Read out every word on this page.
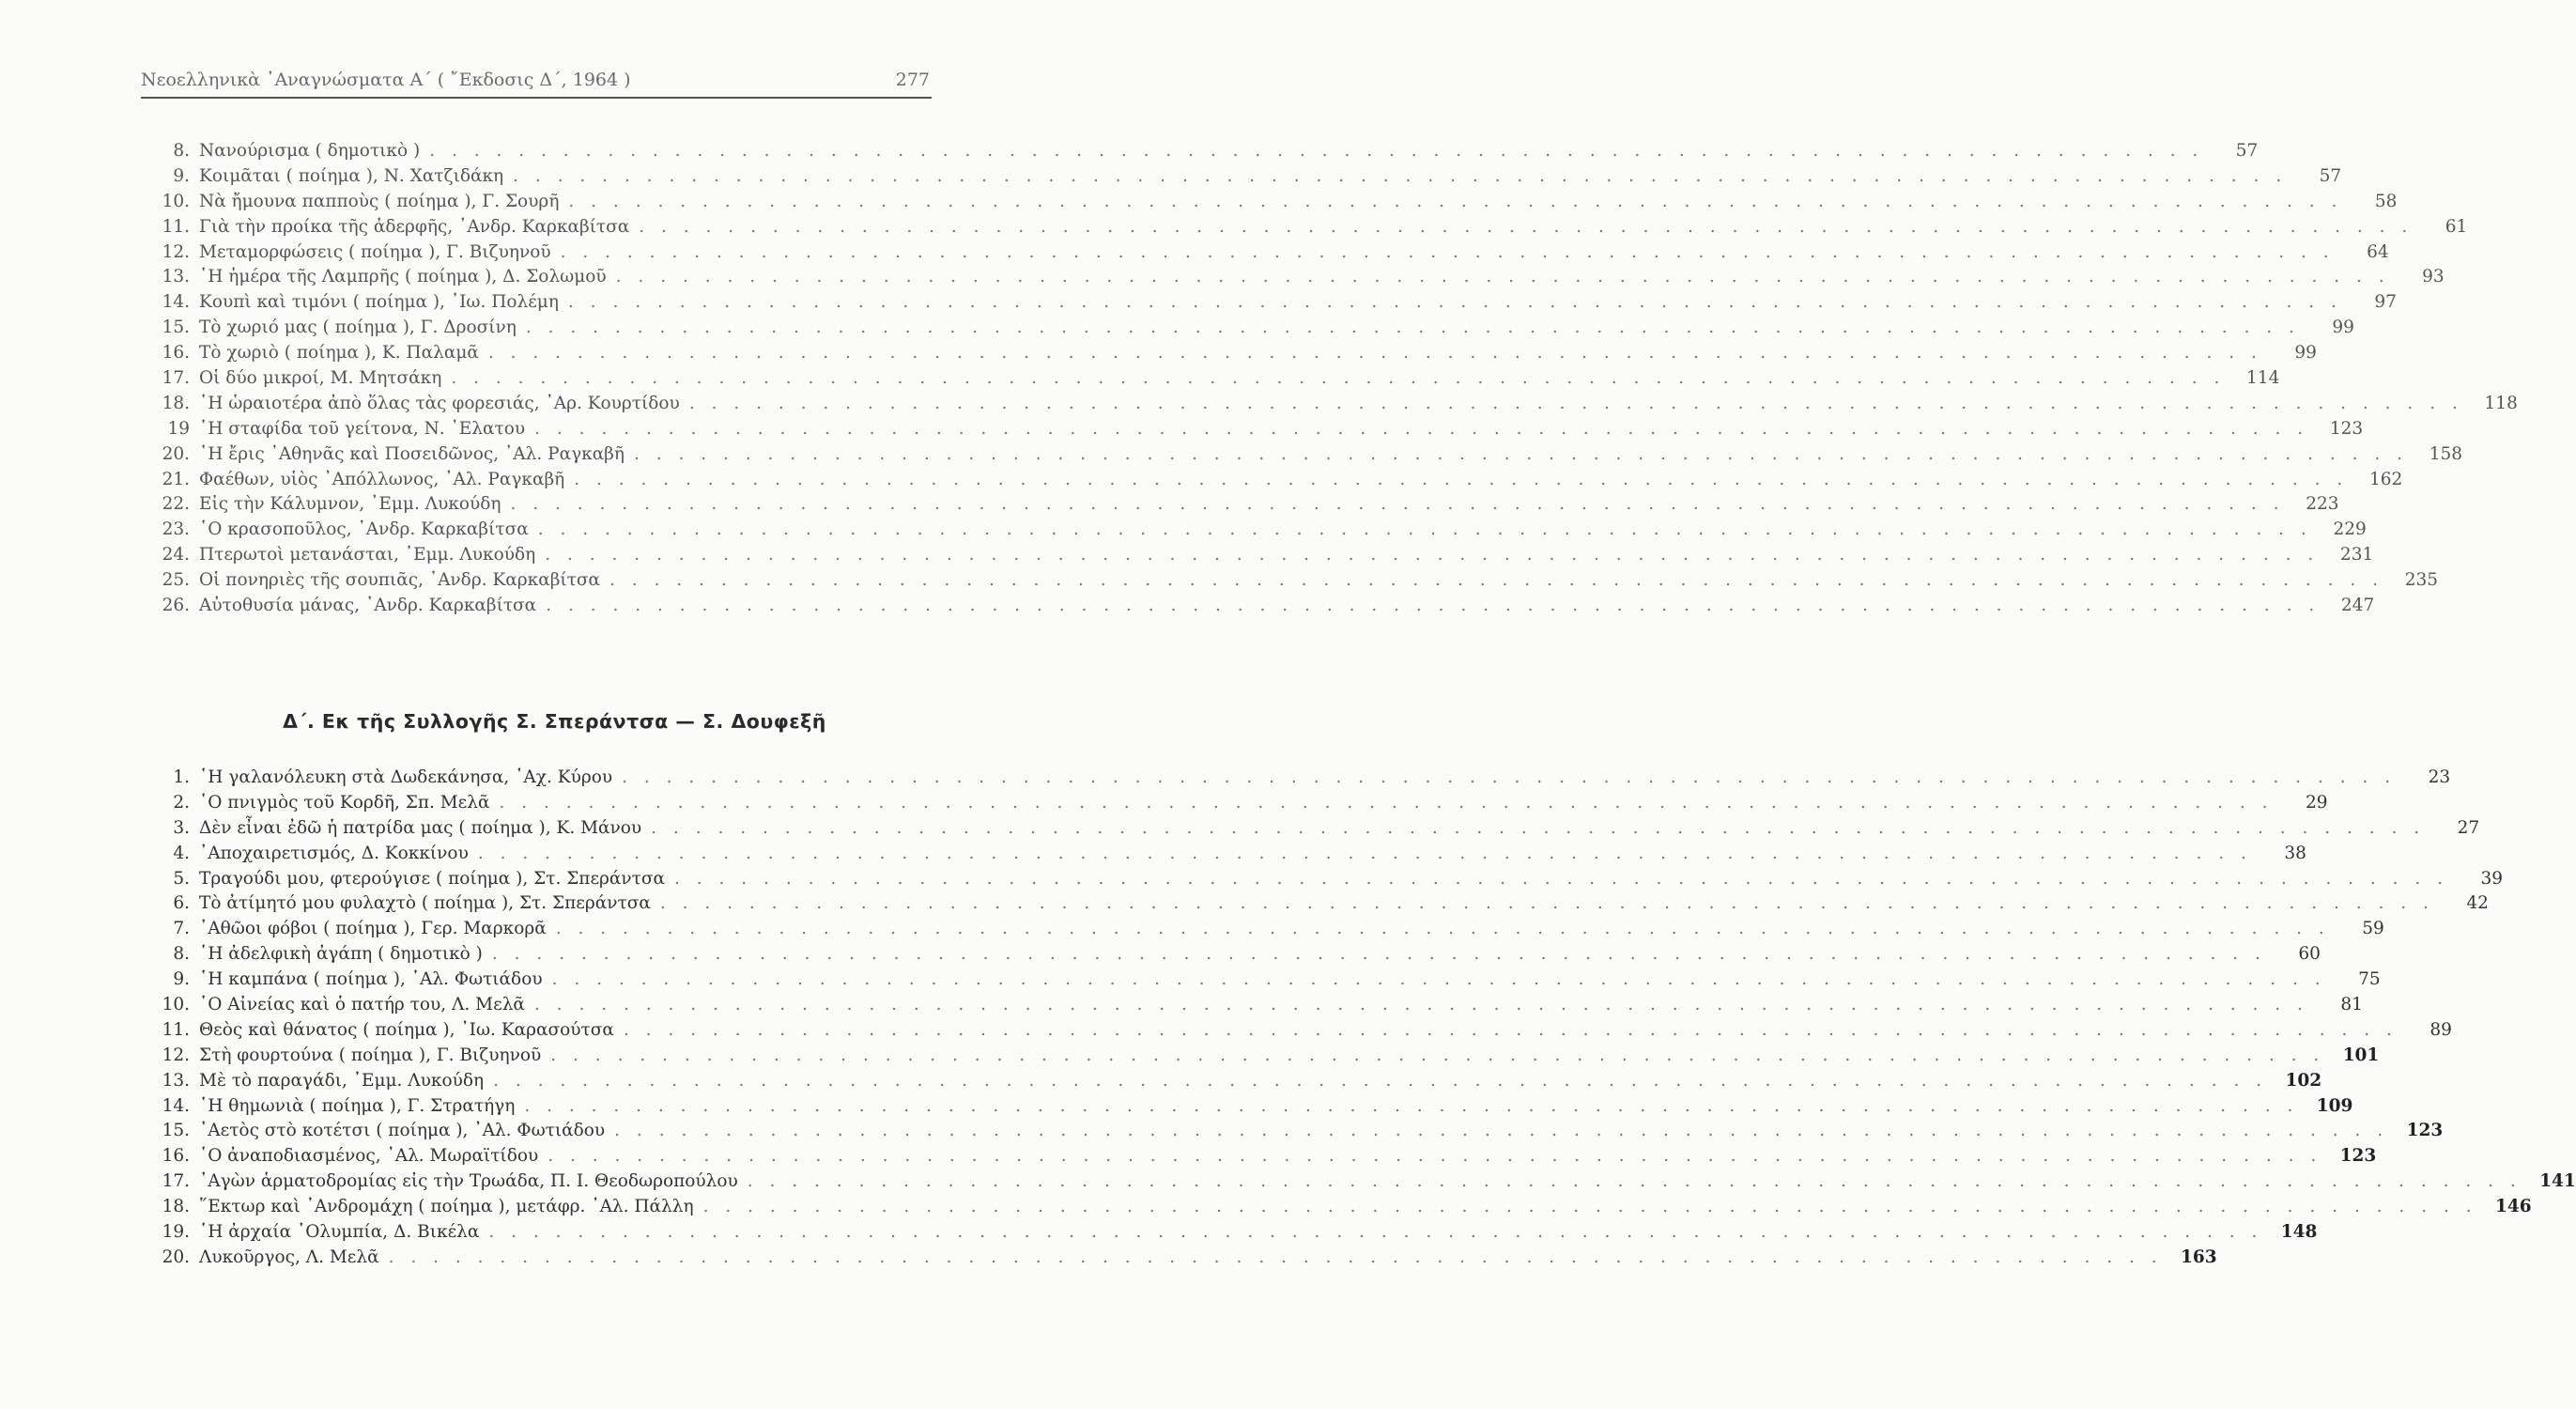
Νεοελληνικὰ ᾿Αναγνώσματα Α΄ ( ῎Εκδοσις Δ΄, 1964 )	277
8. Νανούρισμα ( δημοτικὸ ) . . . . . . . . . . . . . . . . . . . . . . . . . . . . . . . . . . . . . . . . . . . . . . . . . . . . . . . . . . . . . . . . . . . . . . . . . . . . . . . .	57
9. Κοιμᾶται ( ποίημα ), Ν. Χατζιδάκη . . . . . . . . . . . . . . . . . . . . . . . . . . . . . . . . . . . . . . . . . . . . . . . . . . . . . . . . . . . . . . . . . . . . . . . . . . . . . . . .	57
10. Νὰ ἤμουνα παπποὺς ( ποίημα ), Γ. Σουρῆ . . . . . . . . . . . . . . . . . . . . . . . . . . . . . . . . . . . . . . . . . . . . . . . . . . . . . . . . . . . . . . . . . . . . . . . . . . . . . . . .	58
11. Γιὰ τὴν προίκα τῆς ἀδερφῆς, ᾿Ανδρ. Καρκαβίτσα . . . . . . . . . . . . . . . . . . . . . . . . . . . . . . . . . . . . . . . . . . . . . . . . . . . . . . . . . . . . . . . . . . . . . . . . . . . . . . . .	61
12. Μεταμορφώσεις ( ποίημα ), Γ. Βιζυηνοῦ . . . . . . . . . . . . . . . . . . . . . . . . . . . . . . . . . . . . . . . . . . . . . . . . . . . . . . . . . . . . . . . . . . . . . . . . . . . . . . . .	64
13. ῾Η ἡμέρα τῆς Λαμπρῆς ( ποίημα ), Δ. Σολωμοῦ . . . . . . . . . . . . . . . . . . . . . . . . . . . . . . . . . . . . . . . . . . . . . . . . . . . . . . . . . . . . . . . . . . . . . . . . . . . . . . . .	93
14. Κουπὶ καὶ τιμόνι ( ποίημα ), ᾿Ιω. Πολέμη . . . . . . . . . . . . . . . . . . . . . . . . . . . . . . . . . . . . . . . . . . . . . . . . . . . . . . . . . . . . . . . . . . . . . . . . . . . . . . . .	97
15. Τὸ χωριό μας ( ποίημα ), Γ. Δροσίνη . . . . . . . . . . . . . . . . . . . . . . . . . . . . . . . . . . . . . . . . . . . . . . . . . . . . . . . . . . . . . . . . . . . . . . . . . . . . . . . .	99
16. Τὸ χωριὸ ( ποίημα ), Κ. Παλαμᾶ . . . . . . . . . . . . . . . . . . . . . . . . . . . . . . . . . . . . . . . . . . . . . . . . . . . . . . . . . . . . . . . . . . . . . . . . . . . . . . . .	99
17. Οἱ δύο μικροί, Μ. Μητσάκη . . . . . . . . . . . . . . . . . . . . . . . . . . . . . . . . . . . . . . . . . . . . . . . . . . . . . . . . . . . . . . . . . . . . . . . . . . . . . . . .	114
18. ῾Η ὡραιοτέρα ἀπὸ ὅλας τὰς φορεσιάς, ᾿Αρ. Κουρτίδου . . . . . . . . . . . . . . . . . . . . . . . . . . . . . . . . . . . . . . . . . . . . . . . . . . . . . . . . . . . . . . . . . . . . . . . . . . . . . . . .	118
19 ῾Η σταφίδα τοῦ γείτονα, Ν. ᾿Ελατου . . . . . . . . . . . . . . . . . . . . . . . . . . . . . . . . . . . . . . . . . . . . . . . . . . . . . . . . . . . . . . . . . . . . . . . . . . . . . . . .	123
20. ῾Η ἔρις ᾿Αθηνᾶς καὶ Ποσειδῶνος, ᾿Αλ. Ραγκαβῆ . . . . . . . . . . . . . . . . . . . . . . . . . . . . . . . . . . . . . . . . . . . . . . . . . . . . . . . . . . . . . . . . . . . . . . . . . . . . . . . .	158
21. Φαέθων, υἱὸς ᾿Απόλλωνος, ᾿Αλ. Ραγκαβῆ . . . . . . . . . . . . . . . . . . . . . . . . . . . . . . . . . . . . . . . . . . . . . . . . . . . . . . . . . . . . . . . . . . . . . . . . . . . . . . . .	162
22. Εἰς τὴν Κάλυμνον, ᾿Εμμ. Λυκούδη . . . . . . . . . . . . . . . . . . . . . . . . . . . . . . . . . . . . . . . . . . . . . . . . . . . . . . . . . . . . . . . . . . . . . . . . . . . . . . . .	223
23. ῾Ο κρασοποῦλος, ᾿Ανδρ. Καρκαβίτσα . . . . . . . . . . . . . . . . . . . . . . . . . . . . . . . . . . . . . . . . . . . . . . . . . . . . . . . . . . . . . . . . . . . . . . . . . . . . . . . .	229
24. Πτερωτοὶ μετανάσται, ᾿Εμμ. Λυκούδη . . . . . . . . . . . . . . . . . . . . . . . . . . . . . . . . . . . . . . . . . . . . . . . . . . . . . . . . . . . . . . . . . . . . . . . . . . . . . . . .	231
25. Οἱ πονηριὲς τῆς σουπιᾶς, ᾿Ανδρ. Καρκαβίτσα . . . . . . . . . . . . . . . . . . . . . . . . . . . . . . . . . . . . . . . . . . . . . . . . . . . . . . . . . . . . . . . . . . . . . . . . . . . . . . . .	235
26. Αὐτοθυσία μάνας, ᾿Ανδρ. Καρκαβίτσα . . . . . . . . . . . . . . . . . . . . . . . . . . . . . . . . . . . . . . . . . . . . . . . . . . . . . . . . . . . . . . . . . . . . . . . . . . . . . . . .	247
Δ΄. Εκ τῆς Συλλογῆς Σ. Σπεράντσα — Σ. Δουφεξῆ
1. ῾Η γαλανόλευκη στὰ Δωδεκάνησα, ᾿Αχ. Κύρου . . . . . . . . . . . . . . . . . . . . . . . . . . . . . . . . . . . . . . . . . . . . . . . . . . . . . . . . . . . . . . . . . . . . . . . . . . . . . . . .	23
2. ῾Ο πνιγμὸς τοῦ Κορδῆ, Σπ. Μελᾶ . . . . . . . . . . . . . . . . . . . . . . . . . . . . . . . . . . . . . . . . . . . . . . . . . . . . . . . . . . . . . . . . . . . . . . . . . . . . . . . .	29
3. Δὲν εἶναι ἐδῶ ἡ πατρίδα μας ( ποίημα ), Κ. Μάνου . . . . . . . . . . . . . . . . . . . . . . . . . . . . . . . . . . . . . . . . . . . . . . . . . . . . . . . . . . . . . . . . . . . . . . . . . . . . . . . .	27
4. ᾿Αποχαιρετισμός, Δ. Κοκκίνου . . . . . . . . . . . . . . . . . . . . . . . . . . . . . . . . . . . . . . . . . . . . . . . . . . . . . . . . . . . . . . . . . . . . . . . . . . . . . . . .	38
5. Τραγούδι μου, φτερούγισε ( ποίημα ), Στ. Σπεράντσα . . . . . . . . . . . . . . . . . . . . . . . . . . . . . . . . . . . . . . . . . . . . . . . . . . . . . . . . . . . . . . . . . . . . . . . . . . . . . . . .	39
6. Τὸ ἀτίμητό μου φυλαχτὸ ( ποίημα ), Στ. Σπεράντσα . . . . . . . . . . . . . . . . . . . . . . . . . . . . . . . . . . . . . . . . . . . . . . . . . . . . . . . . . . . . . . . . . . . . . . . . . . . . . . . .	42
7. ᾿Αθῶοι φόβοι ( ποίημα ), Γερ. Μαρκορᾶ . . . . . . . . . . . . . . . . . . . . . . . . . . . . . . . . . . . . . . . . . . . . . . . . . . . . . . . . . . . . . . . . . . . . . . . . . . . . . . . .	59
8. ῾Η ἀδελφικὴ ἀγάπη ( δημοτικὸ ) . . . . . . . . . . . . . . . . . . . . . . . . . . . . . . . . . . . . . . . . . . . . . . . . . . . . . . . . . . . . . . . . . . . . . . . . . . . . . . . .	60
9. ῾Η καμπάνα ( ποίημα ), ᾿Αλ. Φωτιάδου . . . . . . . . . . . . . . . . . . . . . . . . . . . . . . . . . . . . . . . . . . . . . . . . . . . . . . . . . . . . . . . . . . . . . . . . . . . . . . . .	75
10. ῾Ο Αἰνείας καὶ ὁ πατήρ του, Λ. Μελᾶ . . . . . . . . . . . . . . . . . . . . . . . . . . . . . . . . . . . . . . . . . . . . . . . . . . . . . . . . . . . . . . . . . . . . . . . . . . . . . . . .	81
11. Θεὸς καὶ θάνατος ( ποίημα ), ᾿Ιω. Καρασούτσα . . . . . . . . . . . . . . . . . . . . . . . . . . . . . . . . . . . . . . . . . . . . . . . . . . . . . . . . . . . . . . . . . . . . . . . . . . . . . . . .	89
12. Στὴ φουρτούνα ( ποίημα ), Γ. Βιζυηνοῦ . . . . . . . . . . . . . . . . . . . . . . . . . . . . . . . . . . . . . . . . . . . . . . . . . . . . . . . . . . . . . . . . . . . . . . . . . . . . . . . .	101
13. Μὲ τὸ παραγάδι, ᾿Εμμ. Λυκούδη . . . . . . . . . . . . . . . . . . . . . . . . . . . . . . . . . . . . . . . . . . . . . . . . . . . . . . . . . . . . . . . . . . . . . . . . . . . . . . . .	102
14. ῾Η θημωνιὰ ( ποίημα ), Γ. Στρατήγη . . . . . . . . . . . . . . . . . . . . . . . . . . . . . . . . . . . . . . . . . . . . . . . . . . . . . . . . . . . . . . . . . . . . . . . . . . . . . . . .	109
15. ᾿Αετὸς στὸ κοτέτσι ( ποίημα ), ᾿Αλ. Φωτιάδου . . . . . . . . . . . . . . . . . . . . . . . . . . . . . . . . . . . . . . . . . . . . . . . . . . . . . . . . . . . . . . . . . . . . . . . . . . . . . . . .	123
16. ῾Ο ἀναποδιασμένος, ᾿Αλ. Μωραϊτίδου . . . . . . . . . . . . . . . . . . . . . . . . . . . . . . . . . . . . . . . . . . . . . . . . . . . . . . . . . . . . . . . . . . . . . . . . . . . . . . . .	123
17. ᾿Αγὼν ἁρματοδρομίας εἰς τὴν Τρωάδα, Π. Ι. Θεοδωροπούλου . . . . . . . . . . . . . . . . . . . . . . . . . . . . . . . . . . . . . . . . . . . . . . . . . . . . . . . . . . . . . . . . . . . . . . . . . . . . . . . .	141
18. ῞Εκτωρ καὶ ᾿Ανδρομάχη ( ποίημα ), μετάφρ. ᾿Αλ. Πάλλη . . . . . . . . . . . . . . . . . . . . . . . . . . . . . . . . . . . . . . . . . . . . . . . . . . . . . . . . . . . . . . . . . . . . . . . . . . . . . . . .	146
19. ῾Η ἀρχαία ᾿Ολυμπία, Δ. Βικέλα . . . . . . . . . . . . . . . . . . . . . . . . . . . . . . . . . . . . . . . . . . . . . . . . . . . . . . . . . . . . . . . . . . . . . . . . . . . . . . . .	148
20. Λυκοῦργος, Λ. Μελᾶ . . . . . . . . . . . . . . . . . . . . . . . . . . . . . . . . . . . . . . . . . . . . . . . . . . . . . . . . . . . . . . . . . . . . . . . . . . . . . . . .	163
